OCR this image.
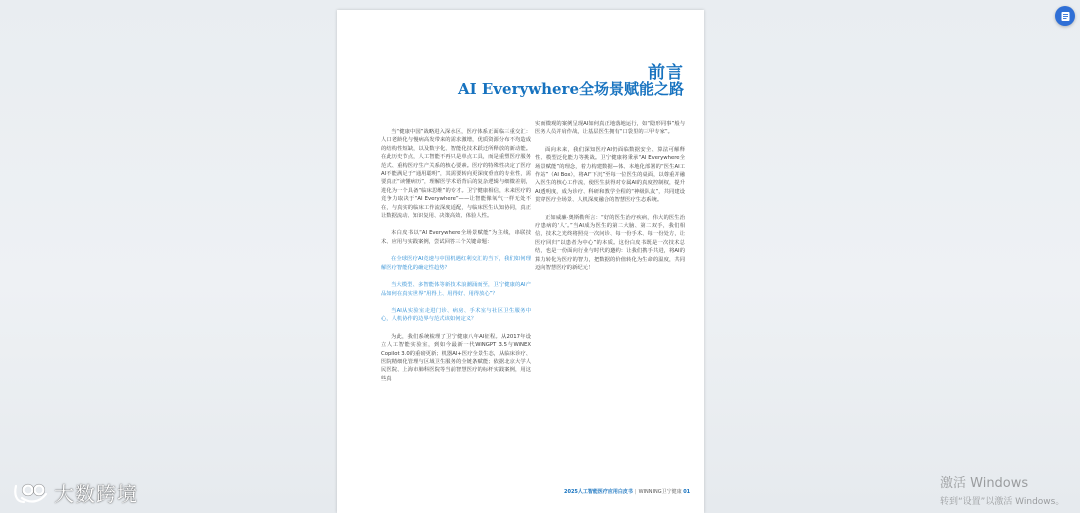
前言
AI Everywhere全场景赋能之路

当“健康中国”战略进入深水区，医疗体系正面临三重交汇：人口老龄化与慢病高发带来的需求激增，优质资源分布不均造成的结构性短缺，以及数字化、智能化技术跃迁所释放的新动能。在此历史节点，人工智能不再只是单点工具，而是重塑医疗服务范式、重构医疗生产关系的核心要素。医疗的特殊性决定了医疗AI不能满足于“通用聪明”，其需要转向更深度垂直的专业性，需要真正“读懂病历”，理解医学术语背后的复杂逻辑与细微差别，进化为一个具备“临床思维”的专才。卫宁健康相信，未来医疗的竞争力取决于“AI Everywhere”——让智能像氧气一样无处不在，与真实的临床工作流深度适配，与临床医生认知协同，真正让数据流动、知识复用、决策高效、体验人性。

本白皮书以“AI Everywhere全场景赋能”为主线，串联技术、应用与实践案例，尝试回答三个关键命题：

在全球医疗AI竞速与中国机遇红利交汇的当下，我们如何理解医疗智能化的确定性趋势？

当大模型、多智能体等新技术浪潮涌而至，卫宁健康的AI产品如何在真实世界“用得上、用得好、用得放心”？

当AI从实验室走进门诊、病房、手术室与社区卫生服务中心，人机协作的边界与范式该如何定义？

为此，我们系统梳理了卫宁健康八年AI征程。从2017年设立人工智能实验室，到如今最新一代WiNGPT 3.5与WiNEX Copilot 3.0的重磅更新；机器AI+医疗全景生态，从临床诊疗、医院精细化管理与区域卫生服务的全链条赋能；依据北京大学人民医院、上海市肺科医院等当前智慧医疗的标杆实践案例，用这些真

实而微观的案例呈现AI如何真正地落地运行，如“隐形同事”般与医务人员并肩作战，让基层医生拥有“口袋里的三甲专家”。

面向未来，我们深知医疗AI仍面临数据安全、算法可解释性、模型泛化能力等挑战。卫宁健康将秉承“AI Everywhere全场景赋能”的理念，着力构建数据—体、本地化部署的“医生AI工作站”（AI Box），将AI“下沉”至每一位医生的桌面，以尊重并融入医生的核心工作流，使医生获得对专属AI的真度控制权，提升AI透明度，成为诊疗、科研和教学全程的“神级队友”，共同建设贯穿医疗全场景、人机深度融合的智慧医疗生态系统。

正如威廉·奥斯勒所言：“好的医生治疗疾病，伟大的医生治疗患病的‘人’。”当AI成为医生的第二大脑、第二双手，我们相信，技术之光终将照亮一次问诊、每一份手术、每一份处方，让医疗回归“以患者为中心”的本质。这份白皮书既是一次技术总结，也是一份面向行业与时代的邀约：让我们携手共进，将AI的算力转化为医疗的智力，把数据的价值转化为生命的温度，共同迈向智慧医疗的新纪元！

2025人工智能医疗应用白皮书 | WINNING卫宁健康 01
大数跨境	激活 Windows
转到“设置”以激活 Windows。
